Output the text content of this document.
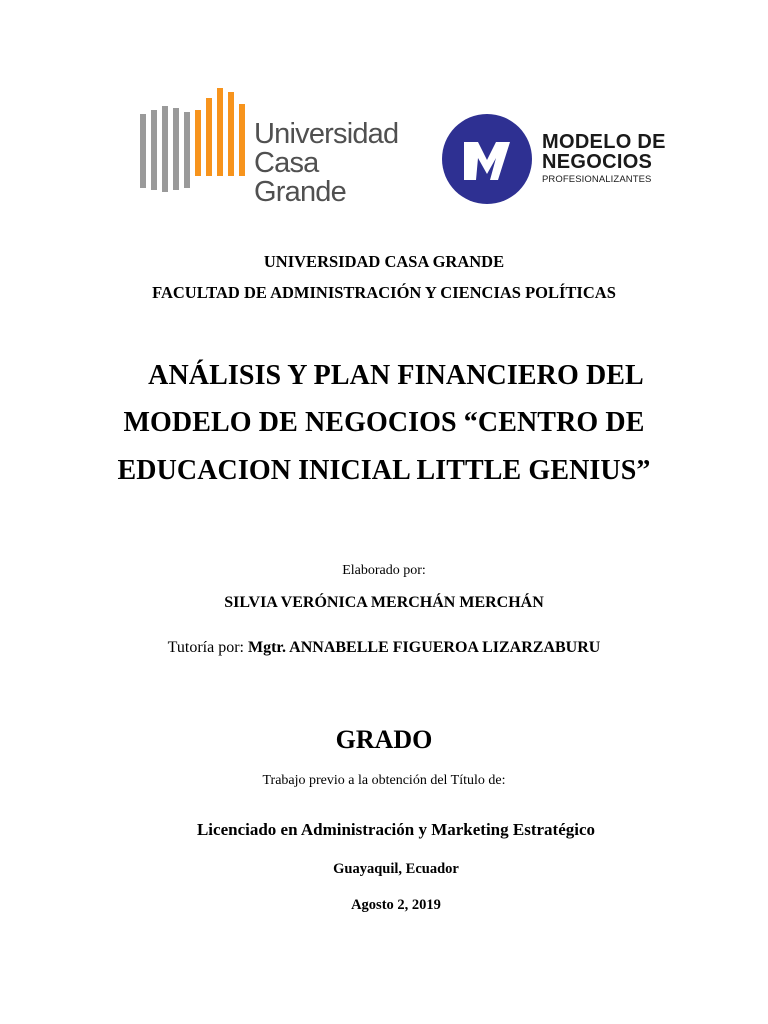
Universidad
Casa Grande
MODELO DE
NEGOCIOS
PROFESIONALIZANTES
UNIVERSIDAD CASA GRANDE
FACULTAD DE ADMINISTRACIÓN Y CIENCIAS POLÍTICAS
ANÁLISIS Y PLAN FINANCIERO DEL
MODELO DE NEGOCIOS “CENTRO DE
EDUCACION INICIAL LITTLE GENIUS”
Elaborado por:
SILVIA VERÓNICA MERCHÁN MERCHÁN
Tutoría por: Mgtr. ANNABELLE FIGUEROA LIZARZABURU
GRADO
Trabajo previo a la obtención del Título de:
Licenciado en Administración y Marketing Estratégico
Guayaquil, Ecuador
Agosto 2, 2019
